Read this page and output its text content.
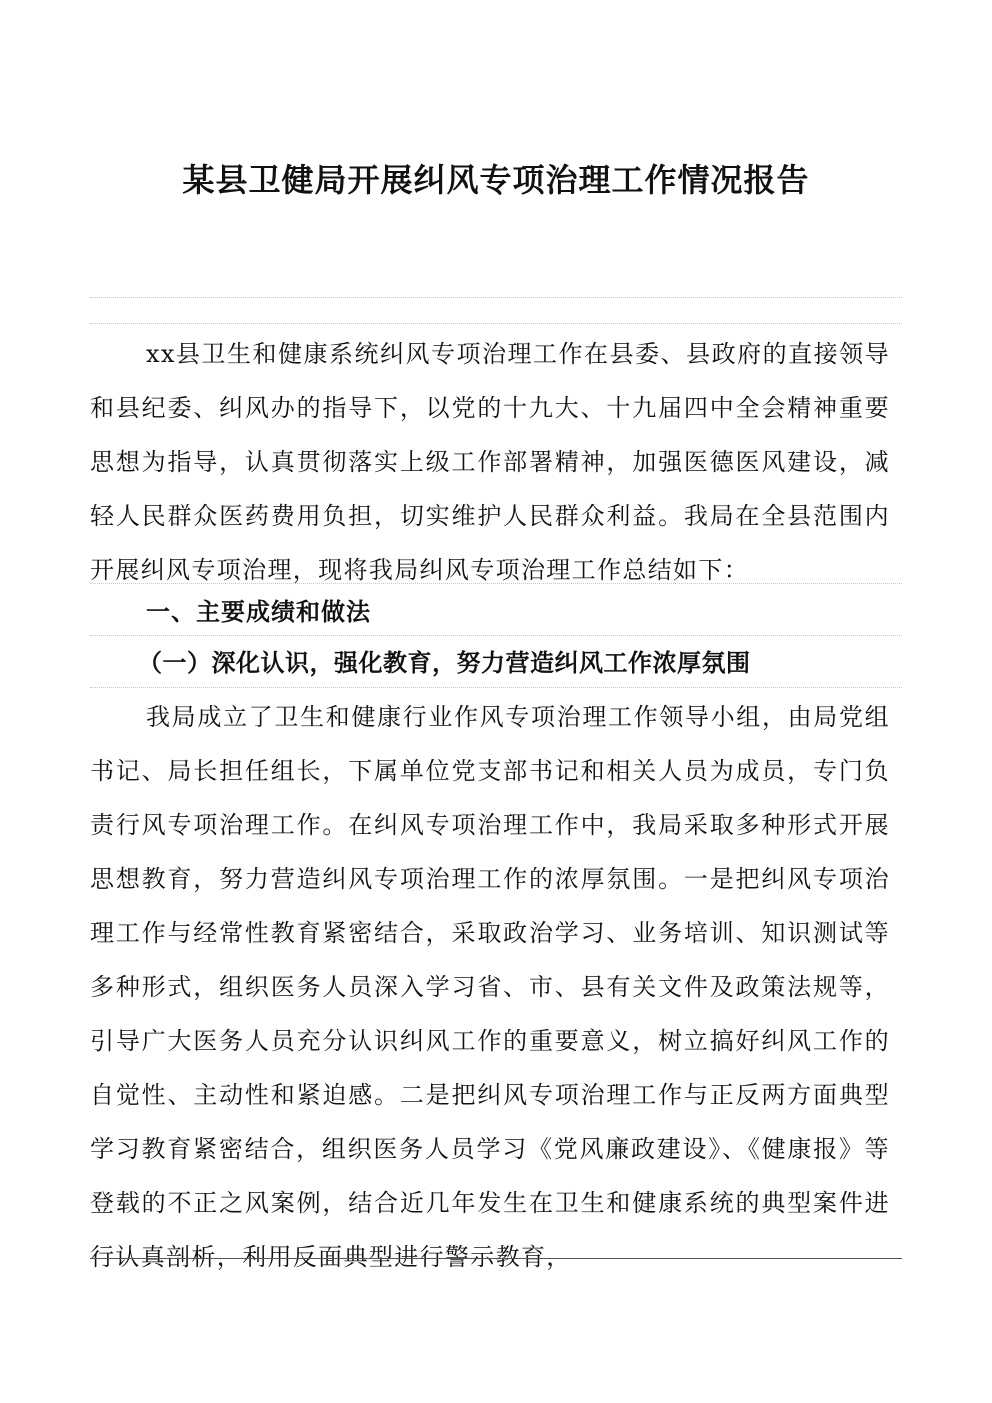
某县卫健局开展纠风专项治理工作情况报告

xx县卫生和健康系统纠风专项治理工作在县委、县政府的直接领导和县纪委、纠风办的指导下，以党的十九大、十九届四中全会精神重要思想为指导，认真贯彻落实上级工作部署精神，加强医德医风建设，减轻人民群众医药费用负担，切实维护人民群众利益。我局在全县范围内开展纠风专项治理，现将我局纠风专项治理工作总结如下：

一、主要成绩和做法
（一）深化认识，强化教育，努力营造纠风工作浓厚氛围

我局成立了卫生和健康行业作风专项治理工作领导小组，由局党组书记、局长担任组长，下属单位党支部书记和相关人员为成员，专门负责行风专项治理工作。在纠风专项治理工作中，我局采取多种形式开展思想教育，努力营造纠风专项治理工作的浓厚氛围。一是把纠风专项治理工作与经常性教育紧密结合，采取政治学习、业务培训、知识测试等多种形式，组织医务人员深入学习省、市、县有关文件及政策法规等，引导广大医务人员充分认识纠风工作的重要意义，树立搞好纠风工作的自觉性、主动性和紧迫感。二是把纠风专项治理工作与正反两方面典型学习教育紧密结合，组织医务人员学习《党风廉政建设》、《健康报》等登载的不正之风案例，结合近几年发生在卫生和健康系统的典型案件进行认真剖析，利用反面典型进行警示教育，
